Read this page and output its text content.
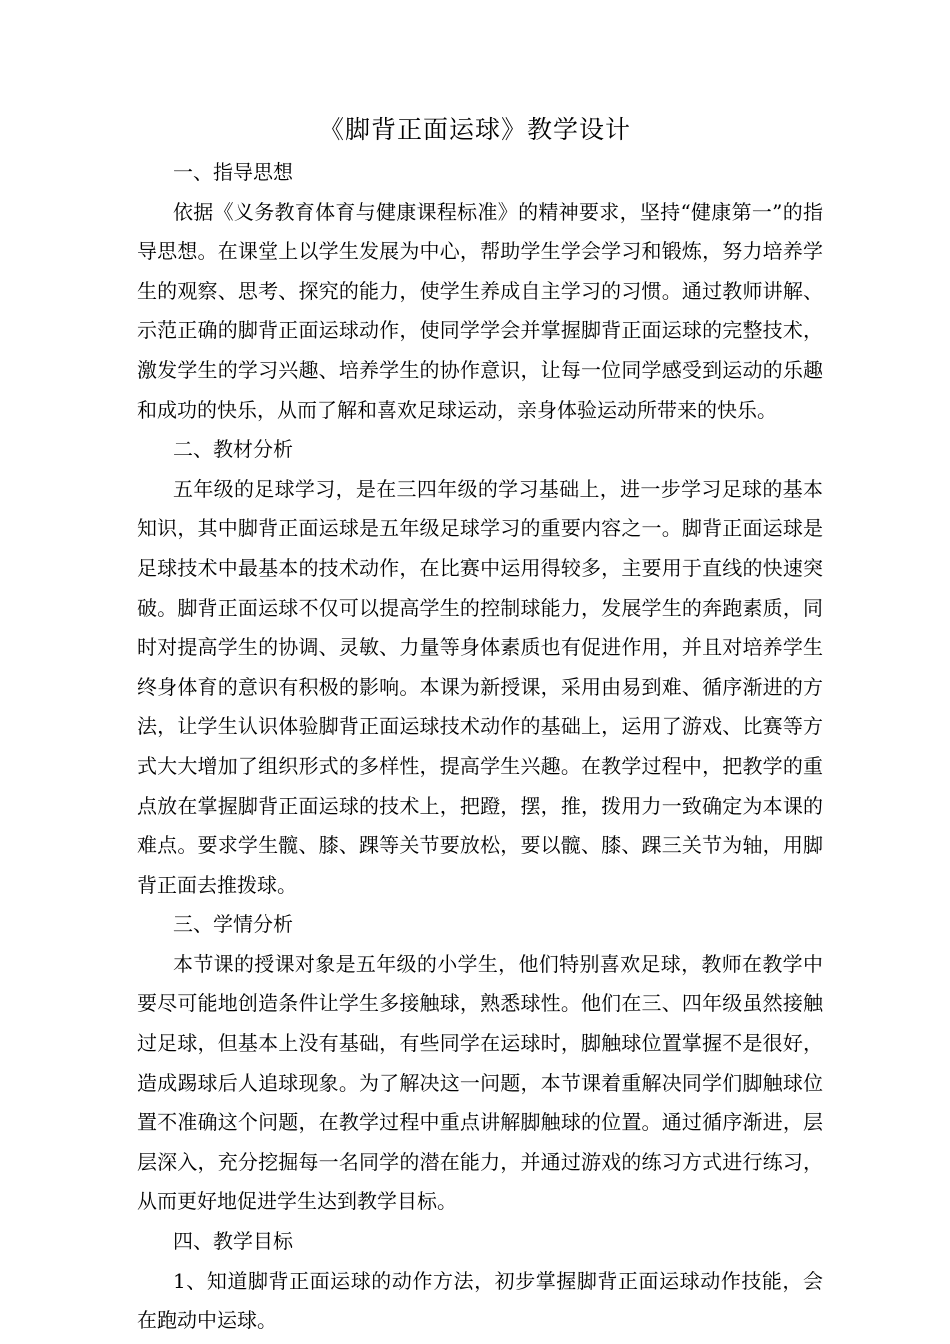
《脚背正面运球》教学设计

一、指导思想

依据《义务教育体育与健康课程标准》的精神要求，坚持“健康第一”的指导思想。在课堂上以学生发展为中心，帮助学生学会学习和锻炼，努力培养学生的观察、思考、探究的能力，使学生养成自主学习的习惯。通过教师讲解、示范正确的脚背正面运球动作，使同学学会并掌握脚背正面运球的完整技术，激发学生的学习兴趣、培养学生的协作意识，让每一位同学感受到运动的乐趣和成功的快乐，从而了解和喜欢足球运动，亲身体验运动所带来的快乐。

二、教材分析

五年级的足球学习，是在三四年级的学习基础上，进一步学习足球的基本知识，其中脚背正面运球是五年级足球学习的重要内容之一。脚背正面运球是足球技术中最基本的技术动作，在比赛中运用得较多，主要用于直线的快速突破。脚背正面运球不仅可以提高学生的控制球能力，发展学生的奔跑素质，同时对提高学生的协调、灵敏、力量等身体素质也有促进作用，并且对培养学生终身体育的意识有积极的影响。本课为新授课，采用由易到难、循序渐进的方法，让学生认识体验脚背正面运球技术动作的基础上，运用了游戏、比赛等方式大大增加了组织形式的多样性，提高学生兴趣。在教学过程中，把教学的重点放在掌握脚背正面运球的技术上，把蹬，摆，推，拨用力一致确定为本课的难点。要求学生髋、膝、踝等关节要放松，要以髋、膝、踝三关节为轴，用脚背正面去推拨球。

三、学情分析

本节课的授课对象是五年级的小学生，他们特别喜欢足球，教师在教学中要尽可能地创造条件让学生多接触球，熟悉球性。他们在三、四年级虽然接触过足球，但基本上没有基础，有些同学在运球时，脚触球位置掌握不是很好，造成踢球后人追球现象。为了解决这一问题，本节课着重解决同学们脚触球位置不准确这个问题，在教学过程中重点讲解脚触球的位置。通过循序渐进，层层深入，充分挖掘每一名同学的潜在能力，并通过游戏的练习方式进行练习，从而更好地促进学生达到教学目标。

四、教学目标

1、知道脚背正面运球的动作方法，初步掌握脚背正面运球动作技能，会在跑动中运球。
